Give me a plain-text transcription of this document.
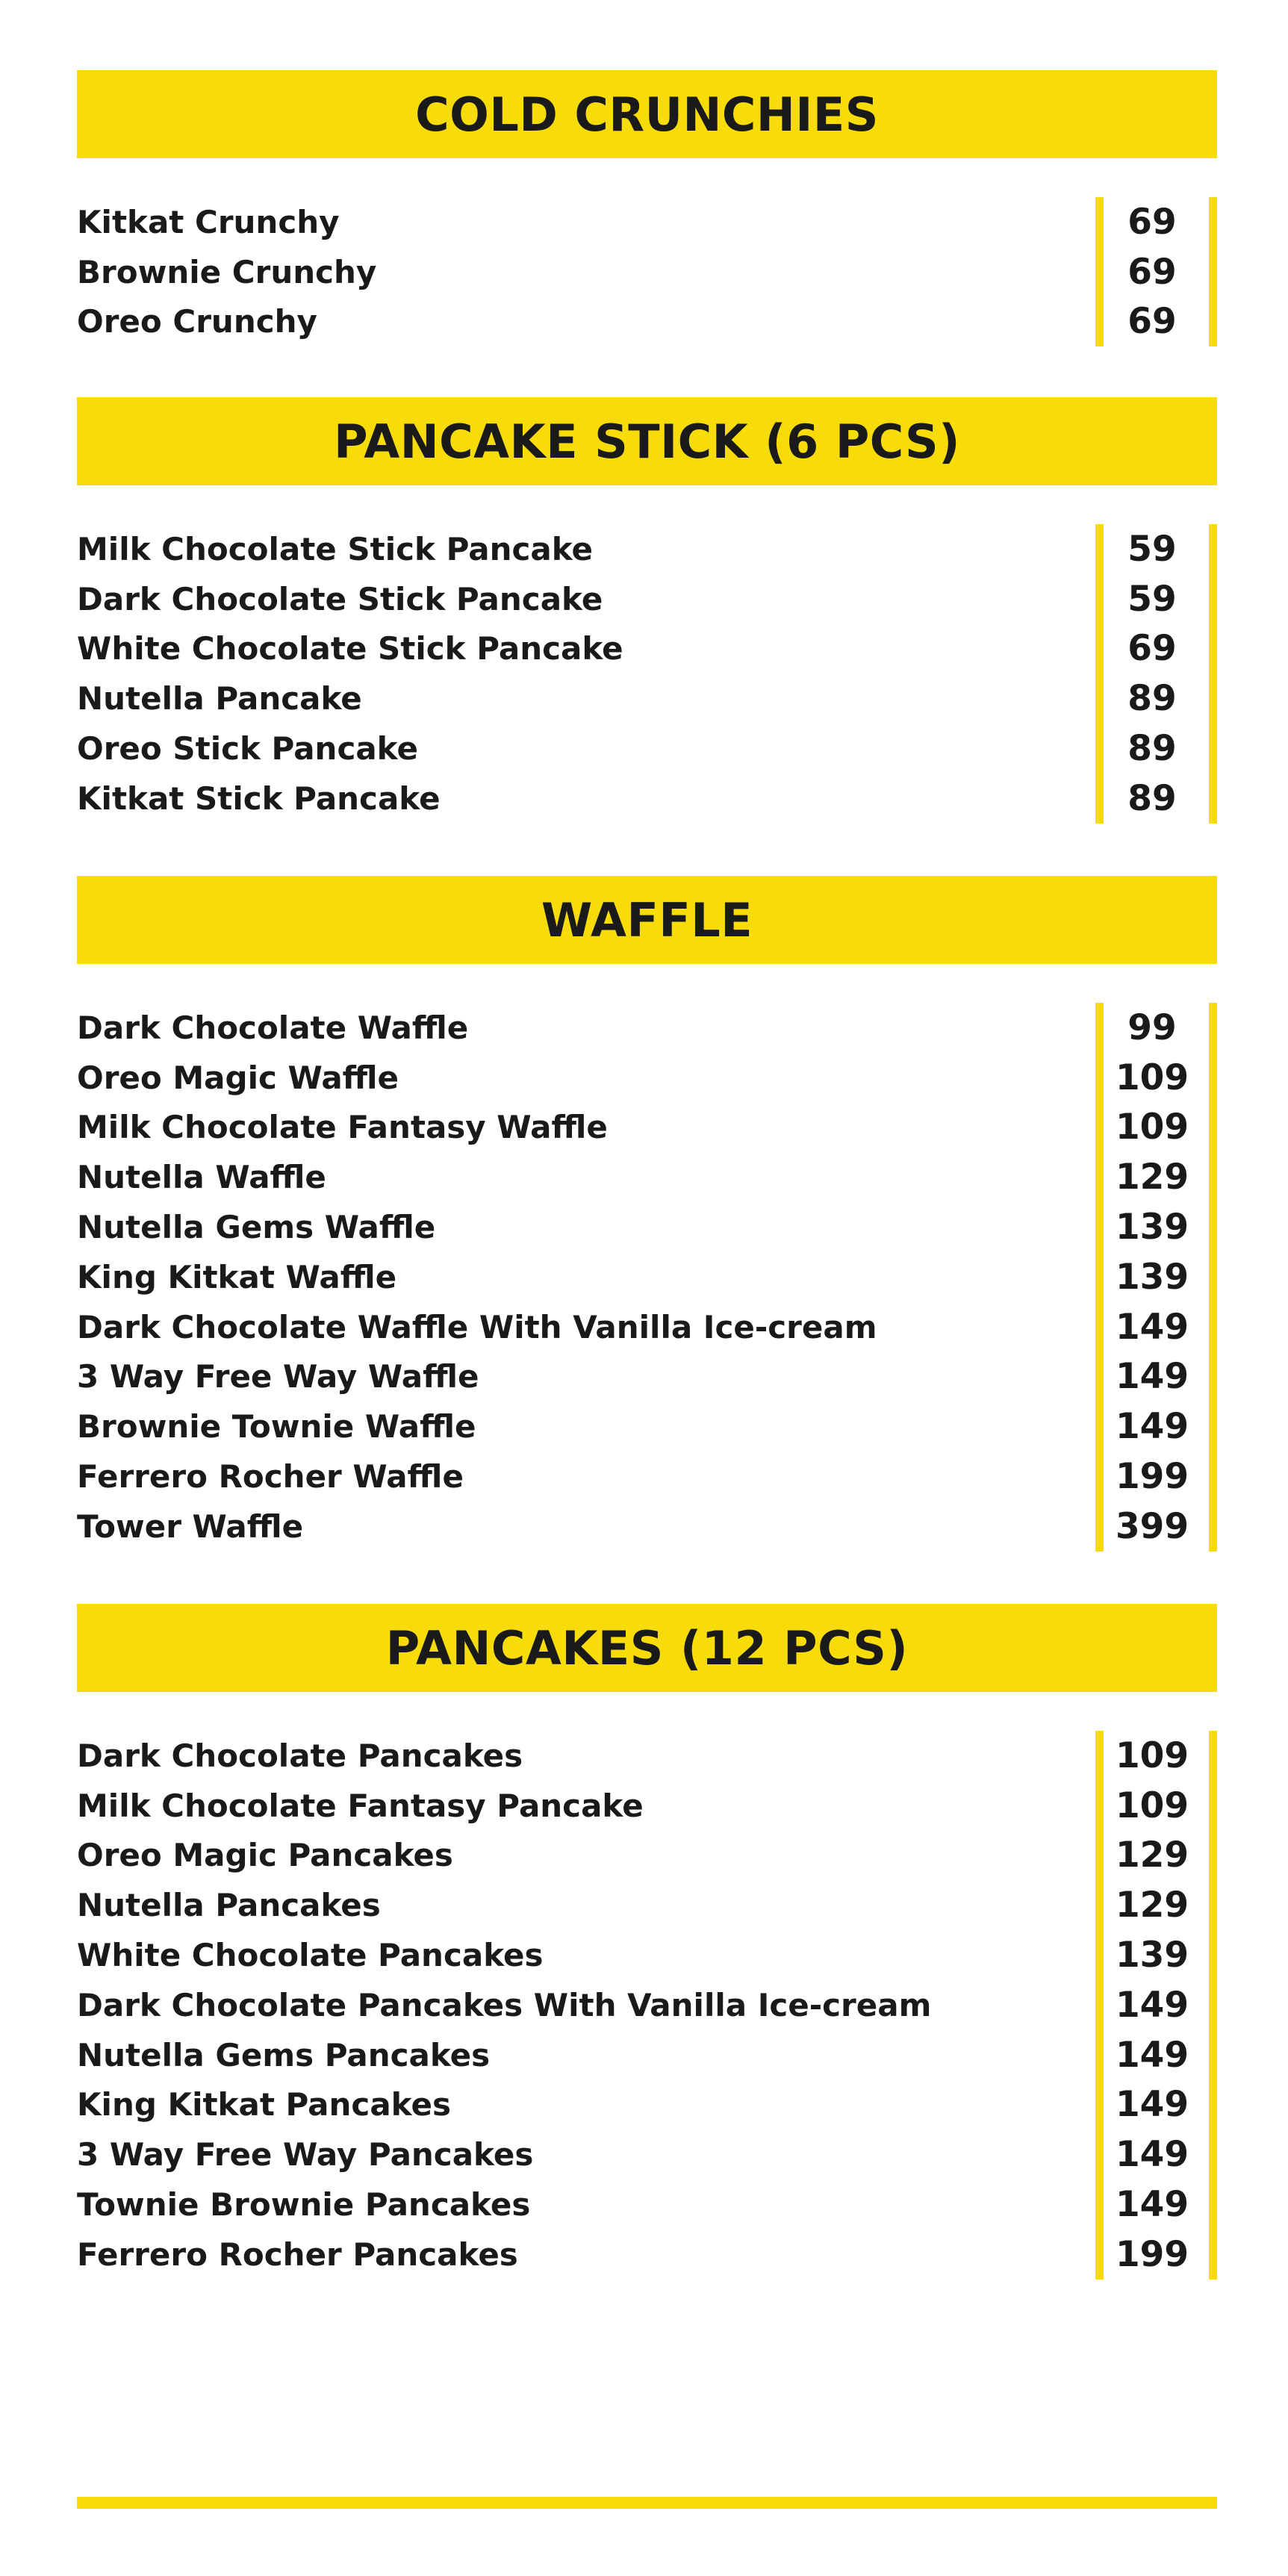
COLD CRUNCHIES
Kitkat Crunchy	69
Brownie Crunchy	69
Oreo Crunchy	69
PANCAKE STICK (6 PCS)
Milk Chocolate Stick Pancake	59
Dark Chocolate Stick Pancake	59
White Chocolate Stick Pancake	69
Nutella Pancake	89
Oreo Stick Pancake	89
Kitkat Stick Pancake	89
WAFFLE
Dark Chocolate Waffle	99
Oreo Magic Waffle	109
Milk Chocolate Fantasy Waffle	109
Nutella Waffle	129
Nutella Gems Waffle	139
King Kitkat Waffle	139
Dark Chocolate Waffle With Vanilla Ice-cream	149
3 Way Free Way Waffle	149
Brownie Townie Waffle	149
Ferrero Rocher Waffle	199
Tower Waffle	399
PANCAKES (12 PCS)
Dark Chocolate Pancakes	109
Milk Chocolate Fantasy Pancake	109
Oreo Magic Pancakes	129
Nutella Pancakes	129
White Chocolate Pancakes	139
Dark Chocolate Pancakes With Vanilla Ice-cream	149
Nutella Gems Pancakes	149
King Kitkat Pancakes	149
3 Way Free Way Pancakes	149
Townie Brownie Pancakes	149
Ferrero Rocher Pancakes	199
